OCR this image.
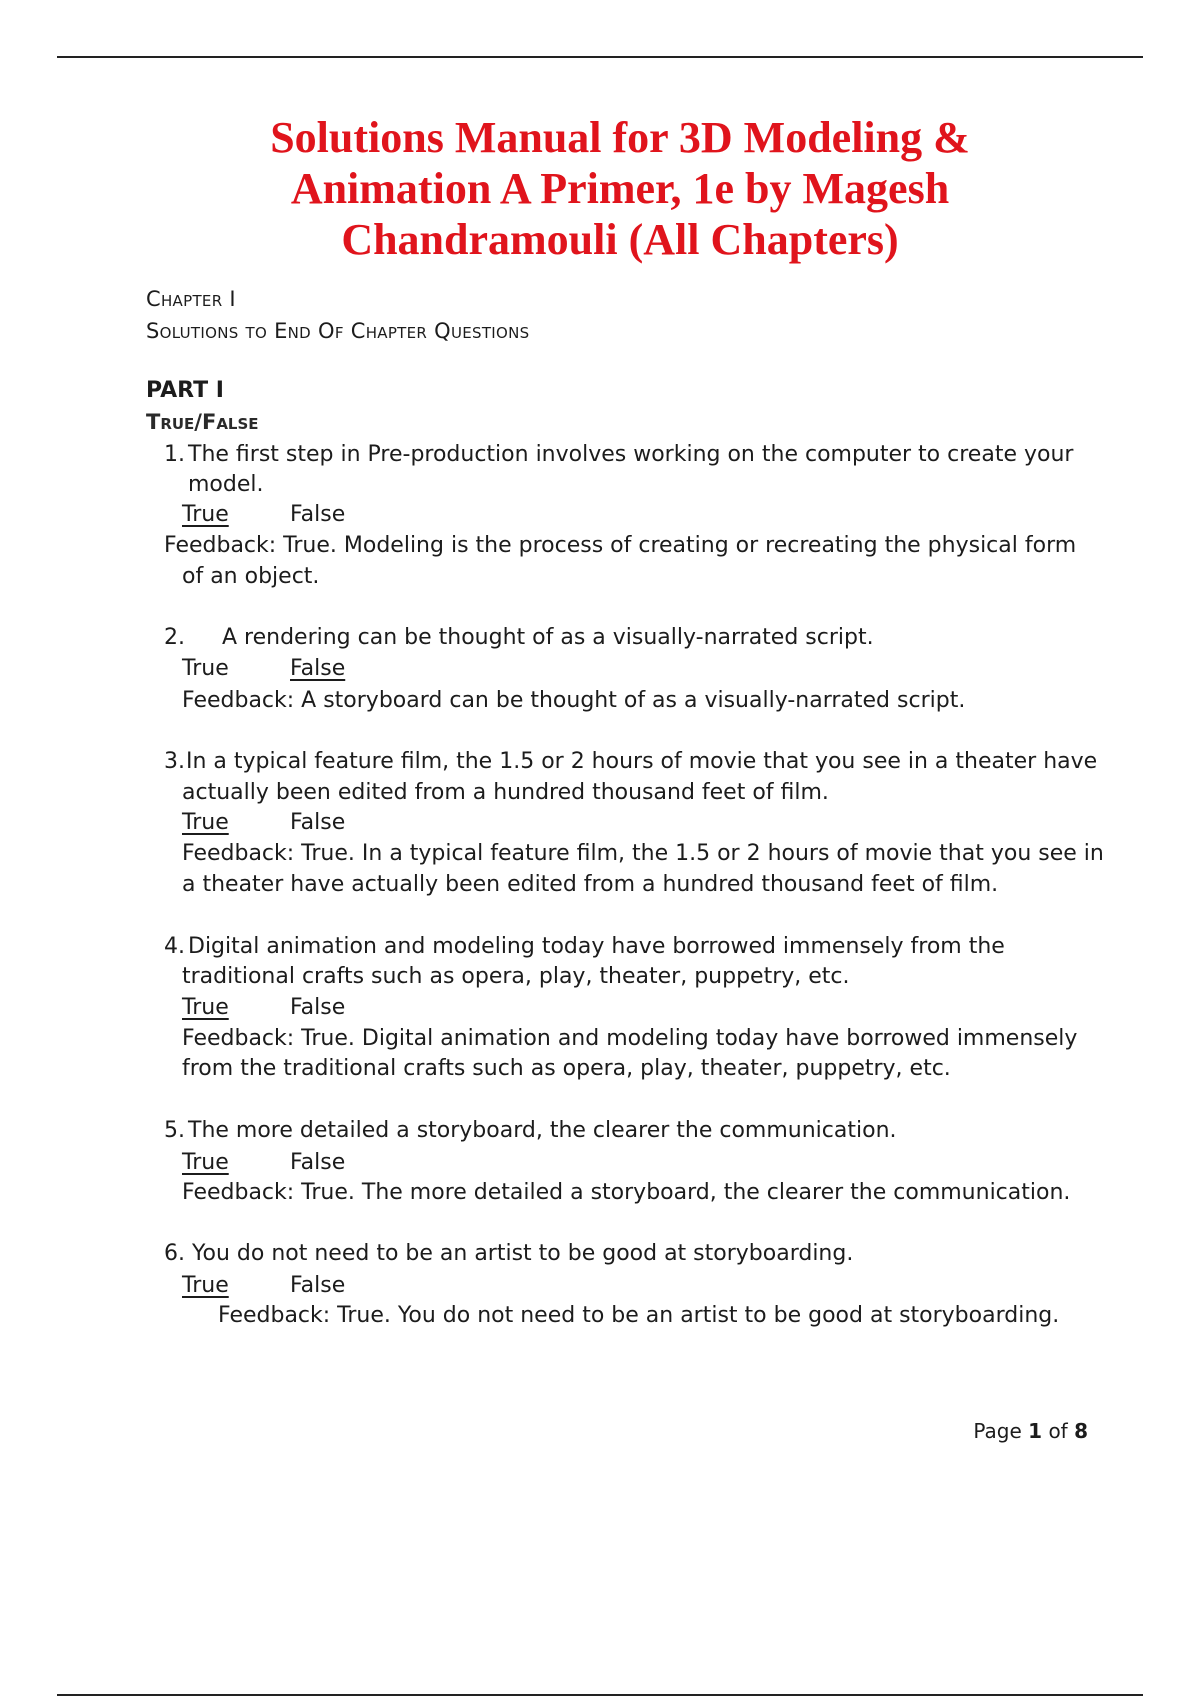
Solutions Manual for 3D Modeling &
Animation A Primer, 1e by Magesh
Chandramouli (All Chapters)
Chapter I
Solutions to End Of Chapter Questions
PART I
True/False
1. The first step in Pre-production involves working on the computer to create your
model.
True	False
Feedback: True. Modeling is the process of creating or recreating the physical form
of an object.
2. A rendering can be thought of as a visually-narrated script.
True	False
Feedback: A storyboard can be thought of as a visually-narrated script.
3. In a typical feature film, the 1.5 or 2 hours of movie that you see in a theater have
actually been edited from a hundred thousand feet of film.
True	False
Feedback: True. In a typical feature film, the 1.5 or 2 hours of movie that you see in
a theater have actually been edited from a hundred thousand feet of film.
4. Digital animation and modeling today have borrowed immensely from the
traditional crafts such as opera, play, theater, puppetry, etc.
True	False
Feedback: True. Digital animation and modeling today have borrowed immensely
from the traditional crafts such as opera, play, theater, puppetry, etc.
5. The more detailed a storyboard, the clearer the communication.
True	False
Feedback: True. The more detailed a storyboard, the clearer the communication.
6. You do not need to be an artist to be good at storyboarding.
True	False
Feedback: True. You do not need to be an artist to be good at storyboarding.
Page 1 of 8
